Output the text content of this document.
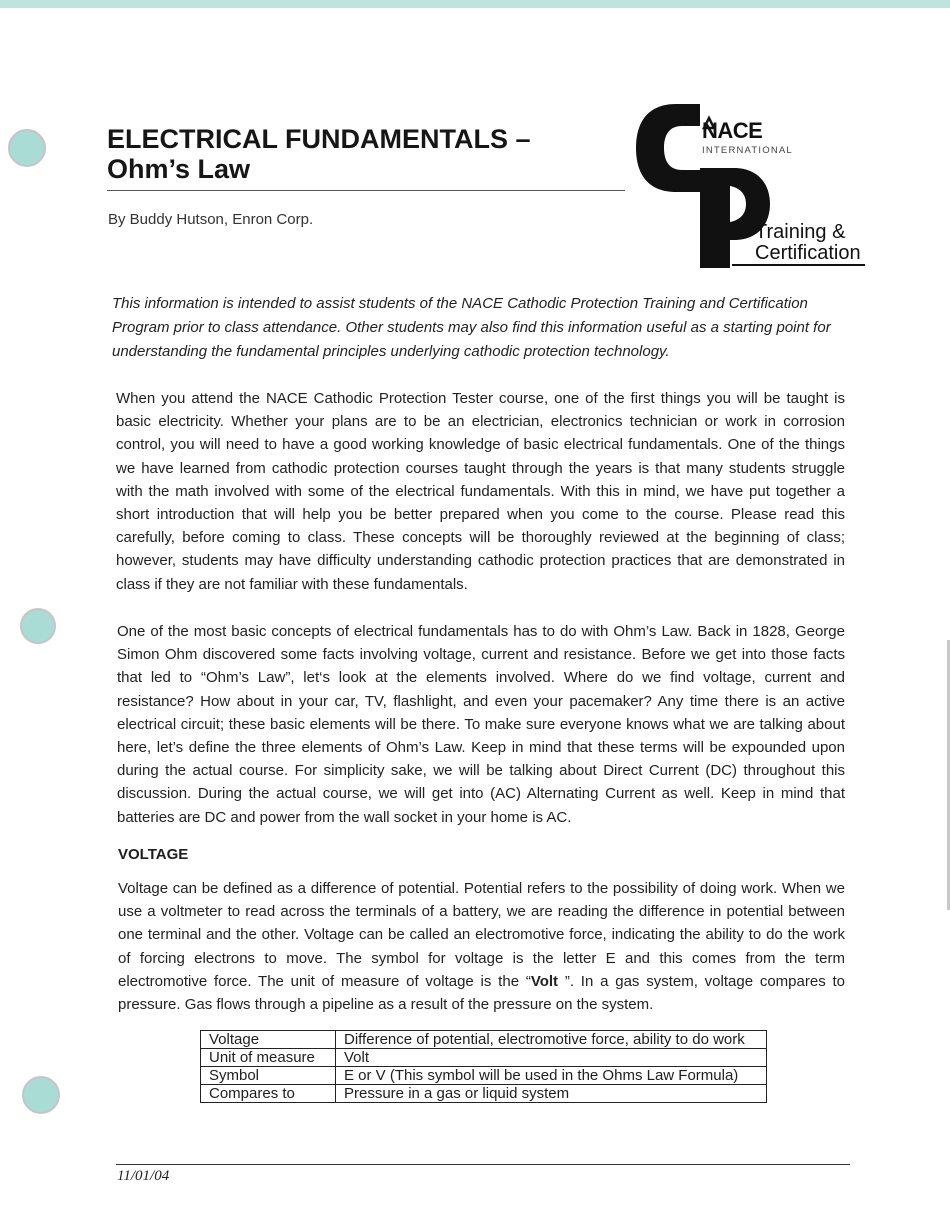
ELECTRICAL FUNDAMENTALS –
Ohm’s Law
By Buddy Hutson, Enron Corp.
NACE
INTERNATIONAL
Training &
Certification
This information is intended to assist students of the NACE Cathodic Protection Training and Certification Program prior to class attendance. Other students may also find this information useful as a starting point for understanding the fundamental principles underlying cathodic protection technology.
When you attend the NACE Cathodic Protection Tester course, one of the first things you will be taught is basic electricity. Whether your plans are to be an electrician, electronics technician or work in corrosion control, you will need to have a good working knowledge of basic electrical fundamentals. One of the things we have learned from cathodic protection courses taught through the years is that many students struggle with the math involved with some of the electrical fundamentals. With this in mind, we have put together a short introduction that will help you be better prepared when you come to the course. Please read this carefully, before coming to class. These concepts will be thoroughly reviewed at the beginning of class; however, students may have difficulty understanding cathodic protection practices that are demonstrated in class if they are not familiar with these fundamentals.
One of the most basic concepts of electrical fundamentals has to do with Ohm’s Law. Back in 1828, George Simon Ohm discovered some facts involving voltage, current and resistance. Before we get into those facts that led to “Ohm’s Law”, let‘s look at the elements involved. Where do we find voltage, current and resistance? How about in your car, TV, flashlight, and even your pacemaker? Any time there is an active electrical circuit; these basic elements will be there. To make sure everyone knows what we are talking about here, let’s define the three elements of Ohm’s Law. Keep in mind that these terms will be expounded upon during the actual course. For simplicity sake, we will be talking about Direct Current (DC) throughout this discussion. During the actual course, we will get into (AC) Alternating Current as well. Keep in mind that batteries are DC and power from the wall socket in your home is AC.
VOLTAGE
Voltage can be defined as a difference of potential. Potential refers to the possibility of doing work. When we use a voltmeter to read across the terminals of a battery, we are reading the difference in potential between one terminal and the other. Voltage can be called an electromotive force, indicating the ability to do the work of forcing electrons to move. The symbol for voltage is the letter E and this comes from the term electromotive force. The unit of measure of voltage is the “Volt ”. In a gas system, voltage compares to pressure. Gas flows through a pipeline as a result of the pressure on the system.
Voltage	Difference of potential, electromotive force, ability to do work
Unit of measure	Volt
Symbol	E or V (This symbol will be used in the Ohms Law Formula)
Compares to	Pressure in a gas or liquid system
11/01/04
